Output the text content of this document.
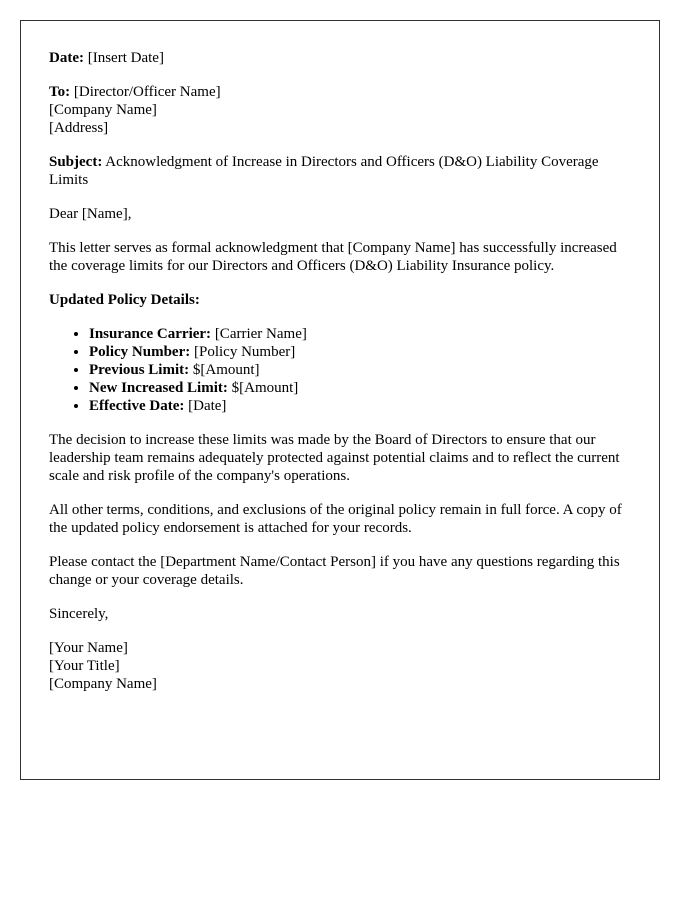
Date: [Insert Date]

To: [Director/Officer Name]
[Company Name]
[Address]

Subject: Acknowledgment of Increase in Directors and Officers (D&O) Liability Coverage Limits

Dear [Name],

This letter serves as formal acknowledgment that [Company Name] has successfully increased the coverage limits for our Directors and Officers (D&O) Liability Insurance policy.

Updated Policy Details:

• Insurance Carrier: [Carrier Name]
• Policy Number: [Policy Number]
• Previous Limit: $[Amount]
• New Increased Limit: $[Amount]
• Effective Date: [Date]

The decision to increase these limits was made by the Board of Directors to ensure that our leadership team remains adequately protected against potential claims and to reflect the current scale and risk profile of the company's operations.

All other terms, conditions, and exclusions of the original policy remain in full force. A copy of the updated policy endorsement is attached for your records.

Please contact the [Department Name/Contact Person] if you have any questions regarding this change or your coverage details.

Sincerely,

[Your Name]
[Your Title]
[Company Name]
